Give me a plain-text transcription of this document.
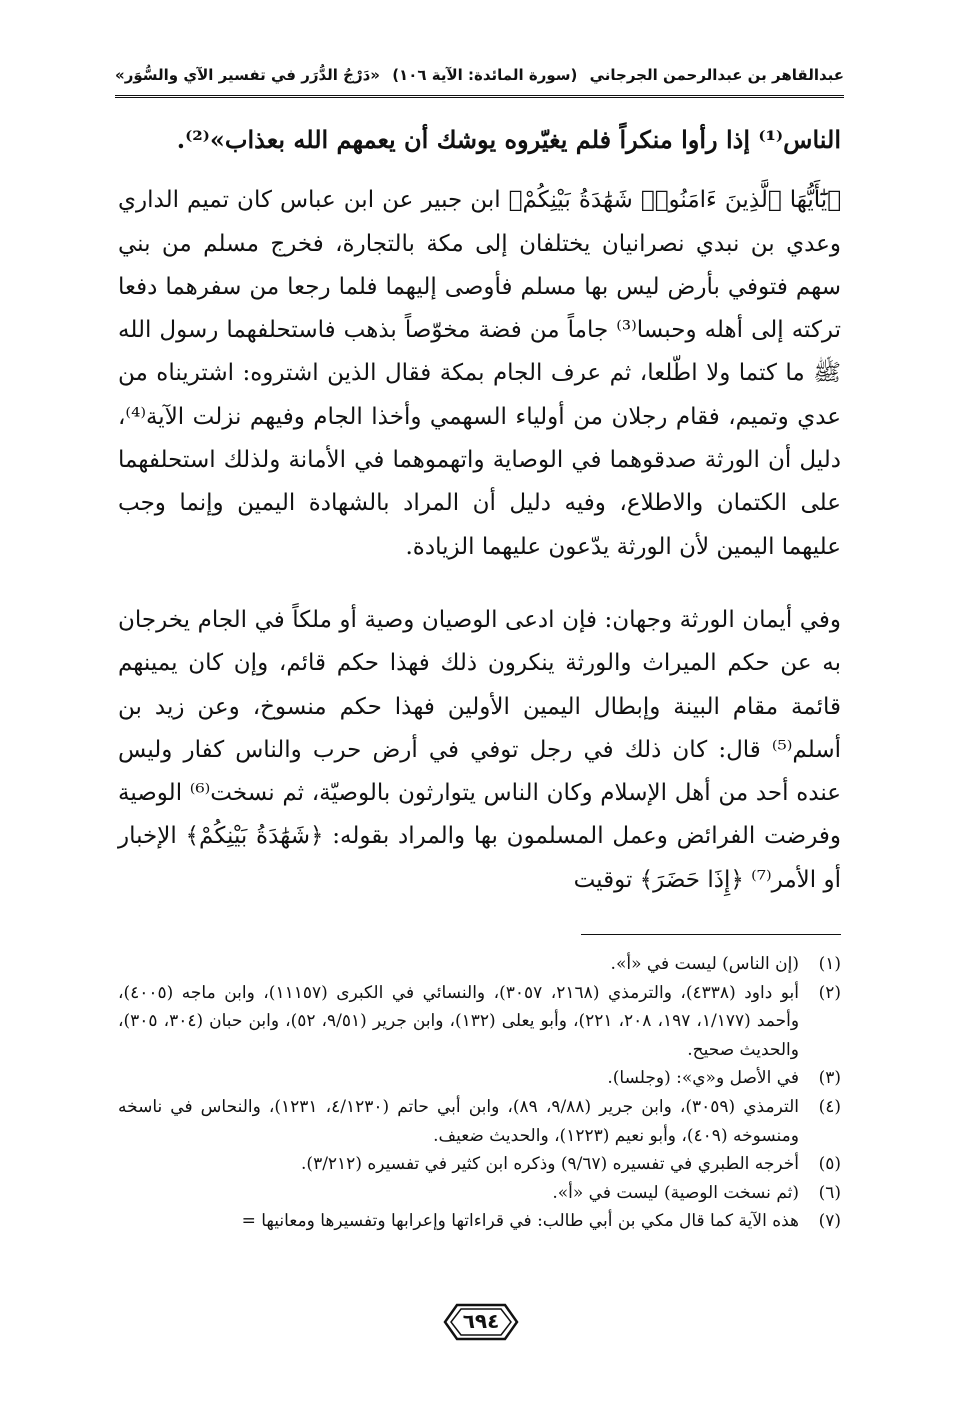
عبدالقاهر بن عبدالرحمن الجرجاني
(سورة المائدة: الآية ١٠٦)
«دَرْجُ الدُّرَر في تفسير الآي والسُّوَر»

الناس⁽¹⁾ إذا رأوا منكراً فلم يغيّروه يوشك أن يعمهم الله بعذاب»⁽²⁾.

﴿يَٰٓأَيُّهَا ٱلَّذِينَ ءَامَنُوا۟ شَهَٰدَةُ بَيْنِكُمْ﴾ ابن جبير عن ابن عباس كان تميم الداري وعدي بن نبدي نصرانيان يختلفان إلى مكة بالتجارة، فخرج مسلم من بني سهم فتوفي بأرض ليس بها مسلم فأوصى إليهما فلما رجعا من سفرهما دفعا تركته إلى أهله وحبسا⁽³⁾ جاماً من فضة مخوّصاً بذهب فاستحلفهما رسول الله ﷺ ما كتما ولا اطّلعا، ثم عرف الجام بمكة فقال الذين اشتروه: اشتريناه من عدي وتميم، فقام رجلان من أولياء السهمي وأخذا الجام وفيهم نزلت الآية⁽⁴⁾، دليل أن الورثة صدقوهما في الوصاية واتهموهما في الأمانة ولذلك استحلفهما على الكتمان والاطلاع، وفيه دليل أن المراد بالشهادة اليمين وإنما وجب عليهما اليمين لأن الورثة يدّعون عليهما الزيادة.

وفي أيمان الورثة وجهان: فإن ادعى الوصيان وصية أو ملكاً في الجام يخرجان به عن حكم الميراث والورثة ينكرون ذلك فهذا حكم قائم، وإن كان يمينهم قائمة مقام البينة وإبطال اليمين الأولين فهذا حكم منسوخ، وعن زيد بن أسلم⁽⁵⁾ قال: كان ذلك في رجل توفي في أرض حرب والناس كفار وليس عنده أحد من أهل الإسلام وكان الناس يتوارثون بالوصيّة، ثم نسخت⁽⁶⁾ الوصية وفرضت الفرائض وعمل المسلمون بها والمراد بقوله: ﴿شَهَٰدَةُ بَيْنِكُمْ﴾ الإخبار أو الأمر⁽⁷⁾ ﴿إِذَا حَضَرَ﴾ توقيت

(١)
(إن الناس) ليست في «أ».

(٢)
أبو داود (٤٣٣٨)، والترمذي (٢١٦٨، ٣٠٥٧)، والنسائي في الكبرى (١١١٥٧)، وابن ماجه (٤٠٠٥)، وأحمد (١/١٧٧، ١٩٧، ٢٠٨، ٢٢١)، وأبو يعلى (١٣٢)، وابن جرير (٩/٥١، ٥٢)، وابن حبان (٣٠٤، ٣٠٥)، والحديث صحيح.

(٣)
في الأصل و«ي»: (وجلسا).

(٤)
الترمذي (٣٠٥٩)، وابن جرير (٩/٨٨، ٨٩)، وابن أبي حاتم (٤/١٢٣٠، ١٢٣١)، والنحاس في ناسخه ومنسوخه (٤٠٩)، وأبو نعيم (١٢٢٣)، والحديث ضعيف.

(٥)
أخرجه الطبري في تفسيره (٩/٦٧) وذكره ابن كثير في تفسيره (٣/٢١٢).

(٦)
(ثم نسخت الوصية) ليست في «أ».

(٧)
هذه الآية كما قال مكي بن أبي طالب: في قراءاتها وإعرابها وتفسيرها ومعانيها =

٦٩٤
